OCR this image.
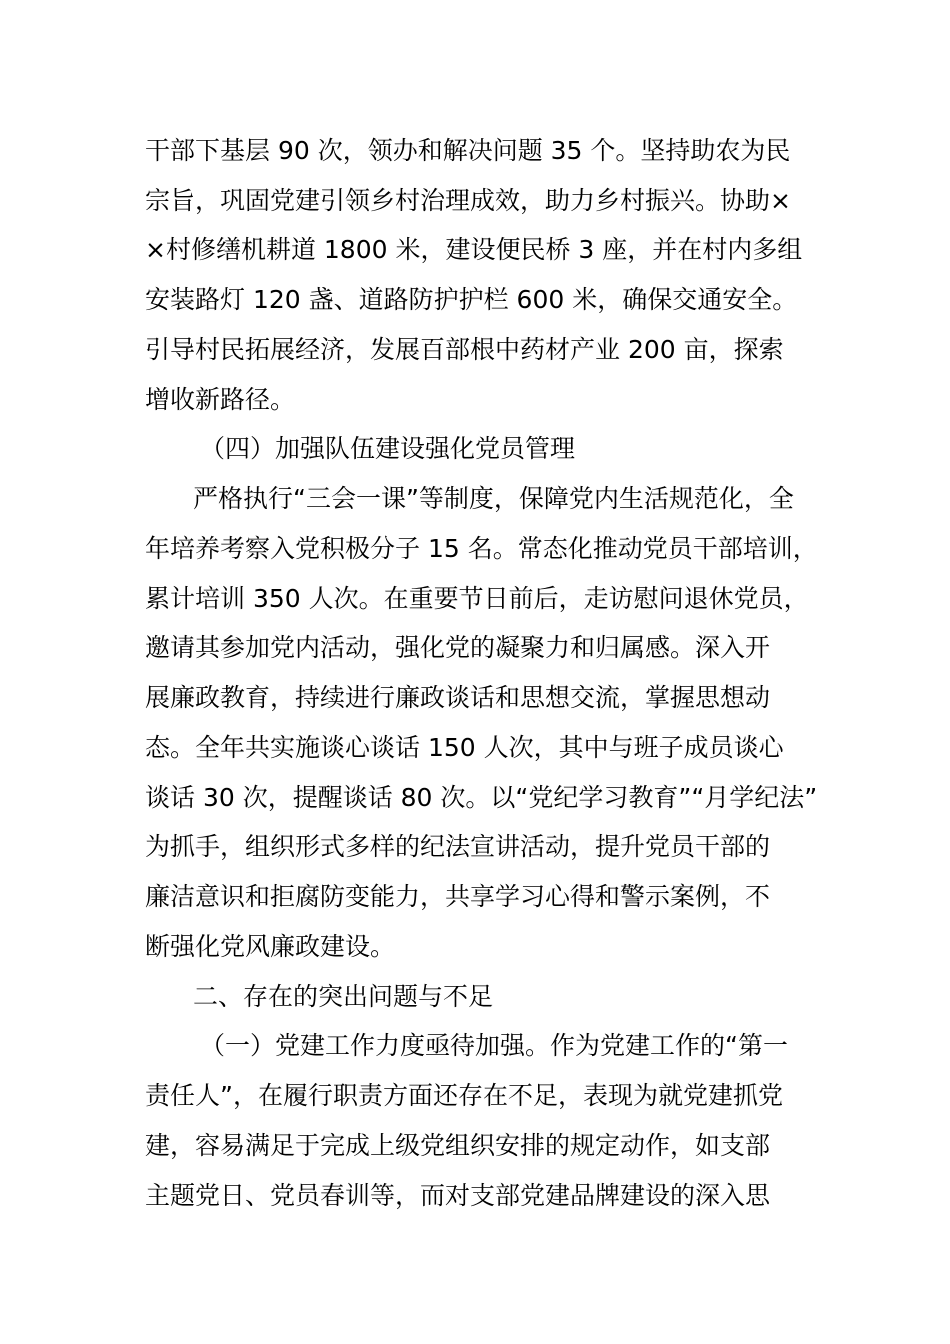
干部下基层 90 次，领办和解决问题 35 个。坚持助农为民
宗旨，巩固党建引领乡村治理成效，助力乡村振兴。协助×
×村修缮机耕道 1800 米，建设便民桥 3 座，并在村内多组
安装路灯 120 盏、道路防护护栏 600 米，确保交通安全。
引导村民拓展经济，发展百部根中药材产业 200 亩，探索
增收新路径。
（四）加强队伍建设强化党员管理
严格执行“三会一课”等制度，保障党内生活规范化，全
年培养考察入党积极分子 15 名。常态化推动党员干部培训，
累计培训 350 人次。在重要节日前后，走访慰问退休党员，
邀请其参加党内活动，强化党的凝聚力和归属感。深入开
展廉政教育，持续进行廉政谈话和思想交流，掌握思想动
态。全年共实施谈心谈话 150 人次，其中与班子成员谈心
谈话 30 次，提醒谈话 80 次。以“党纪学习教育”“月学纪法”
为抓手，组织形式多样的纪法宣讲活动，提升党员干部的
廉洁意识和拒腐防变能力，共享学习心得和警示案例，不
断强化党风廉政建设。
二、存在的突出问题与不足
（一）党建工作力度亟待加强。作为党建工作的“第一
责任人”，在履行职责方面还存在不足，表现为就党建抓党
建，容易满足于完成上级党组织安排的规定动作，如支部
主题党日、党员春训等，而对支部党建品牌建设的深入思
